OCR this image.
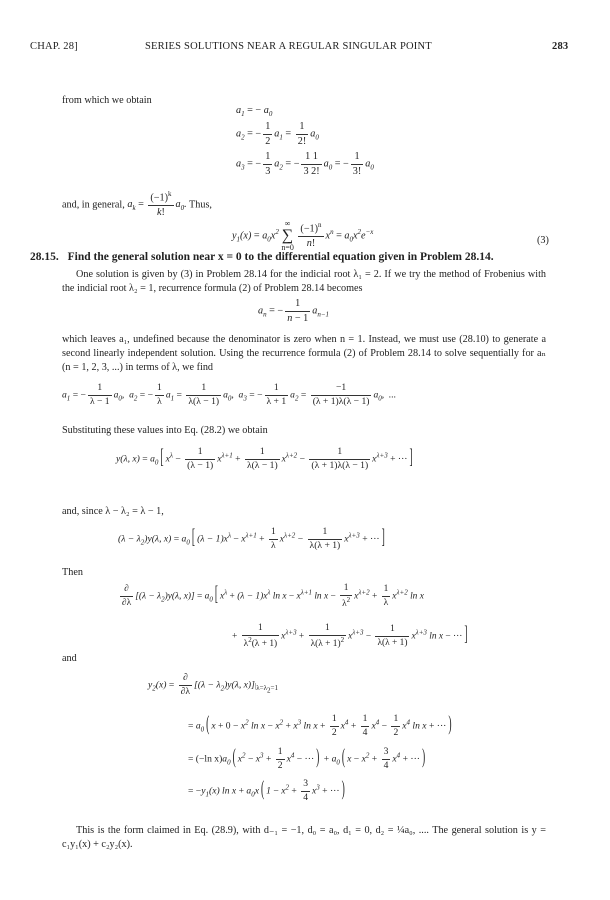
CHAP. 28]	SERIES SOLUTIONS NEAR A REGULAR SINGULAR POINT	283
from which we obtain
$a_1$ = − $a_0$
$a_2$ = − $\frac{1}{2} a_1 = \frac{1}{2!} a_0$
$a_3$ = − $\frac{1}{3} a_2$ = − $\frac{1 1}{3 2!} a_0$ = − $\frac{1}{3!} a_0$
and, in general, $a_k = \frac{(-1)^k}{k!} a_0$. Thus,
$y_1(x) = a_0x^2$ ∞
∑
$n=0 \frac{(-1)^n}{n!} x^n = a_0x^2e^{-x}$
(3)
28.15. Find the general solution near x = 0 to the differential equation given in Problem 28.14.
One solution is given by (3) in Problem 28.14 for the indicial root λ₁ = 2. If we try the method of Frobenius with the indicial root λ₂ = 1, recurrence formula (2) of Problem 28.14 becomes
$a_n$ = − $\frac{1}{n - 1} a_{n-1}$
which leaves a₁, undefined because the denominator is zero when n = 1. Instead, we must use (28.10) to generate a second linearly independent solution. Using the recurrence formula (2) of Problem 28.14 to solve sequentially for aₙ (n = 1, 2, 3, ...) in terms of λ, we find
$a_1$ = − $\frac{1}{\lambda - 1} a_0$,  $a_2$ = − $\frac{1}{\lambda} a_1 = \frac{1}{\lambda(\lambda - 1)} a_0$,  $a_3$ = − $\frac{1}{\lambda + 1} a_2 = \frac{-1}{(\lambda + 1)\lambda(\lambda - 1)} a_0$,  ...
Substituting these values into Eq. (28.2) we obtain
y(λ, $x) = a_0$ [ $x^\lambda - \frac{1}{(\lambda - 1)} x^{\lambda+1} + \frac{1}{\lambda(\lambda - 1)} x^{\lambda+2} - \frac{1}{(\lambda + 1)\lambda(\lambda - 1)} x^{\lambda+3}$ + ··· ]
and, since λ − λ₂ = λ − 1,
$(\lambda - \lambda_2)y(\lambda$, $x) = a_0$ [ $(\lambda - 1)x^\lambda - x^{\lambda+1} + \frac{1}{\lambda} x^{\lambda+2} - \frac{1}{\lambda(\lambda + 1)} x^{\lambda+3}$ + ··· ]
Then
$\frac{\partial}{\partial\lambda} [(\lambda - \lambda_2)y(\lambda$, $x)] = a_0$ [ $x^\lambda + (\lambda - 1)x^\lambda$ $\ln x - x^{\lambda+1}$ $\ln x - \frac{1}{\lambda^2} x^{\lambda+2} + \frac{1}{\lambda} x^{\lambda+2}$ ln x
+ $\frac{1}{\lambda^2(\lambda + 1)} x^{\lambda+3} + \frac{1}{\lambda(\lambda + 1)^2} x^{\lambda+3} - \frac{1}{\lambda(\lambda + 1)} x^{\lambda+3}$ ln x − ··· ]
and
$y_2(x) = \frac{\partial}{\partial\lambda} [(\lambda - \lambda_2)y(\lambda$, $x)]|_{\lambda=\lambda_2=1}$
= $a_0$ ( $x + 0 - x^2$ $\ln x - x^2 + x^3$ $\ln x + \frac{1}{2} x^4 + \frac{1}{4} x^4 - \frac{1}{2} x^4$ ln x + ··· )
= (−ln $x)a_0$ ( $x^2 - x^3 + \frac{1}{2} x^4$ − ··· ) + $a_0$ ( $x - x^2 + \frac{3}{4} x^4$ + ··· )
= $-y_1(x)$ $\ln x + a_0x$ ( $1 - x^2 + \frac{3}{4} x^3$ + ··· )
This is the form claimed in Eq. (28.9), with d₋₁ = −1, d₀ = a₀, d₁ = 0, d₂ = ¼a₀, .... The general solution is y = c₁y₁(x) + c₂y₂(x).
